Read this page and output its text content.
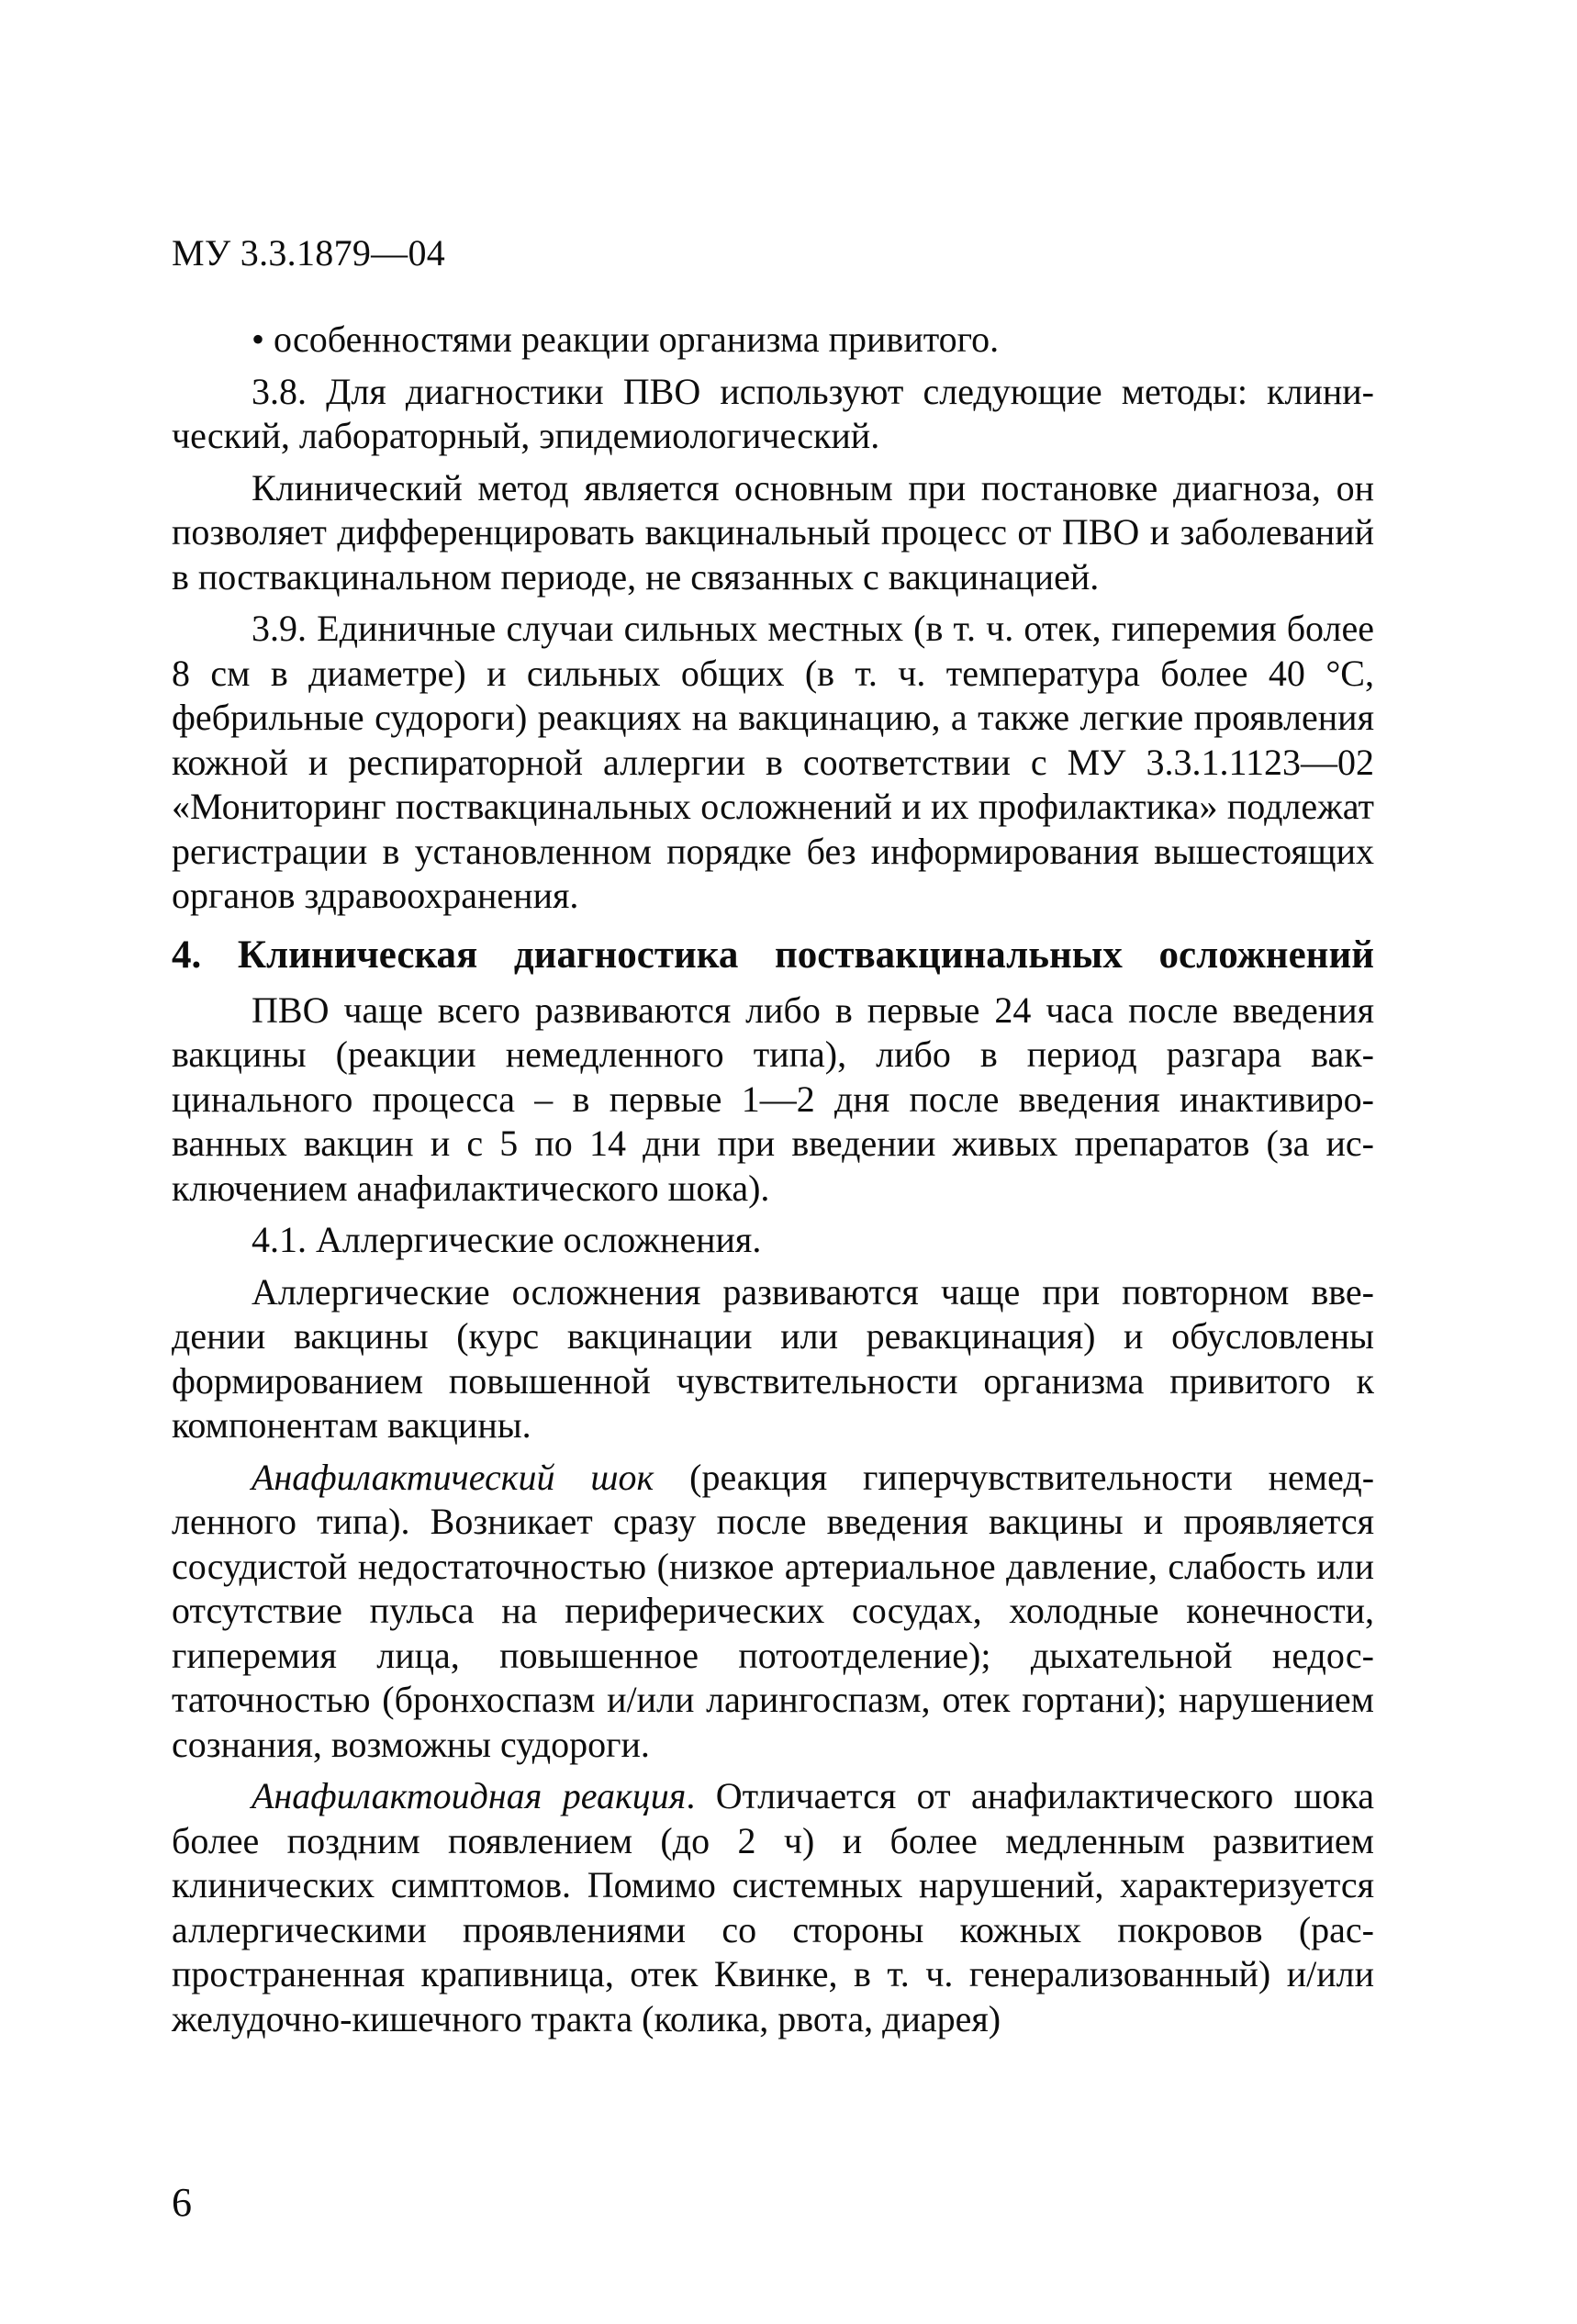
МУ 3.3.1879—04

• особенностями реакции организма привитого.

3.8. Для диагностики ПВО используют следующие методы: клинический, лабораторный, эпидемиологический.

Клинический метод является основным при постановке диагноза, он позволяет дифференцировать вакцинальный процесс от ПВО и заболеваний в поствакцинальном периоде, не связанных с вакцинацией.

3.9. Единичные случаи сильных местных (в т. ч. отек, гиперемия более 8 см в диаметре) и сильных общих (в т. ч. температура более 40 °С, фебрильные судороги) реакциях на вакцинацию, а также легкие проявления кожной и респираторной аллергии в соответствии с МУ 3.3.1.1123—02 «Мониторинг поствакцинальных осложнений и их профилактика» подлежат регистрации в установленном порядке без информирования вышестоящих органов здравоохранения.

4. Клиническая диагностика поствакцинальных осложнений

ПВО чаще всего развиваются либо в первые 24 часа после введения вакцины (реакции немедленного типа), либо в период разгара вакцинального процесса – в первые 1—2 дня после введения инактивированных вакцин и с 5 по 14 дни при введении живых препаратов (за исключением анафилактического шока).

4.1. Аллергические осложнения.

Аллергические осложнения развиваются чаще при повторном введении вакцины (курс вакцинации или ревакцинация) и обусловлены формированием повышенной чувствительности организма привитого к компонентам вакцины.

Анафилактический шок (реакция гиперчувствительности немедленного типа). Возникает сразу после введения вакцины и проявляется сосудистой недостаточностью (низкое артериальное давление, слабость или отсутствие пульса на периферических сосудах, холодные конечности, гиперемия лица, повышенное потоотделение); дыхательной недостаточностью (бронхоспазм и/или ларингоспазм, отек гортани); нарушением сознания, возможны судороги.

Анафилактоидная реакция. Отличается от анафилактического шока более поздним появлением (до 2 ч) и более медленным развитием клинических симптомов. Помимо системных нарушений, характеризуется аллергическими проявлениями со стороны кожных покровов (распространенная крапивница, отек Квинке, в т. ч. генерализованный) и/или желудочно-кишечного тракта (колика, рвота, диарея)

6
